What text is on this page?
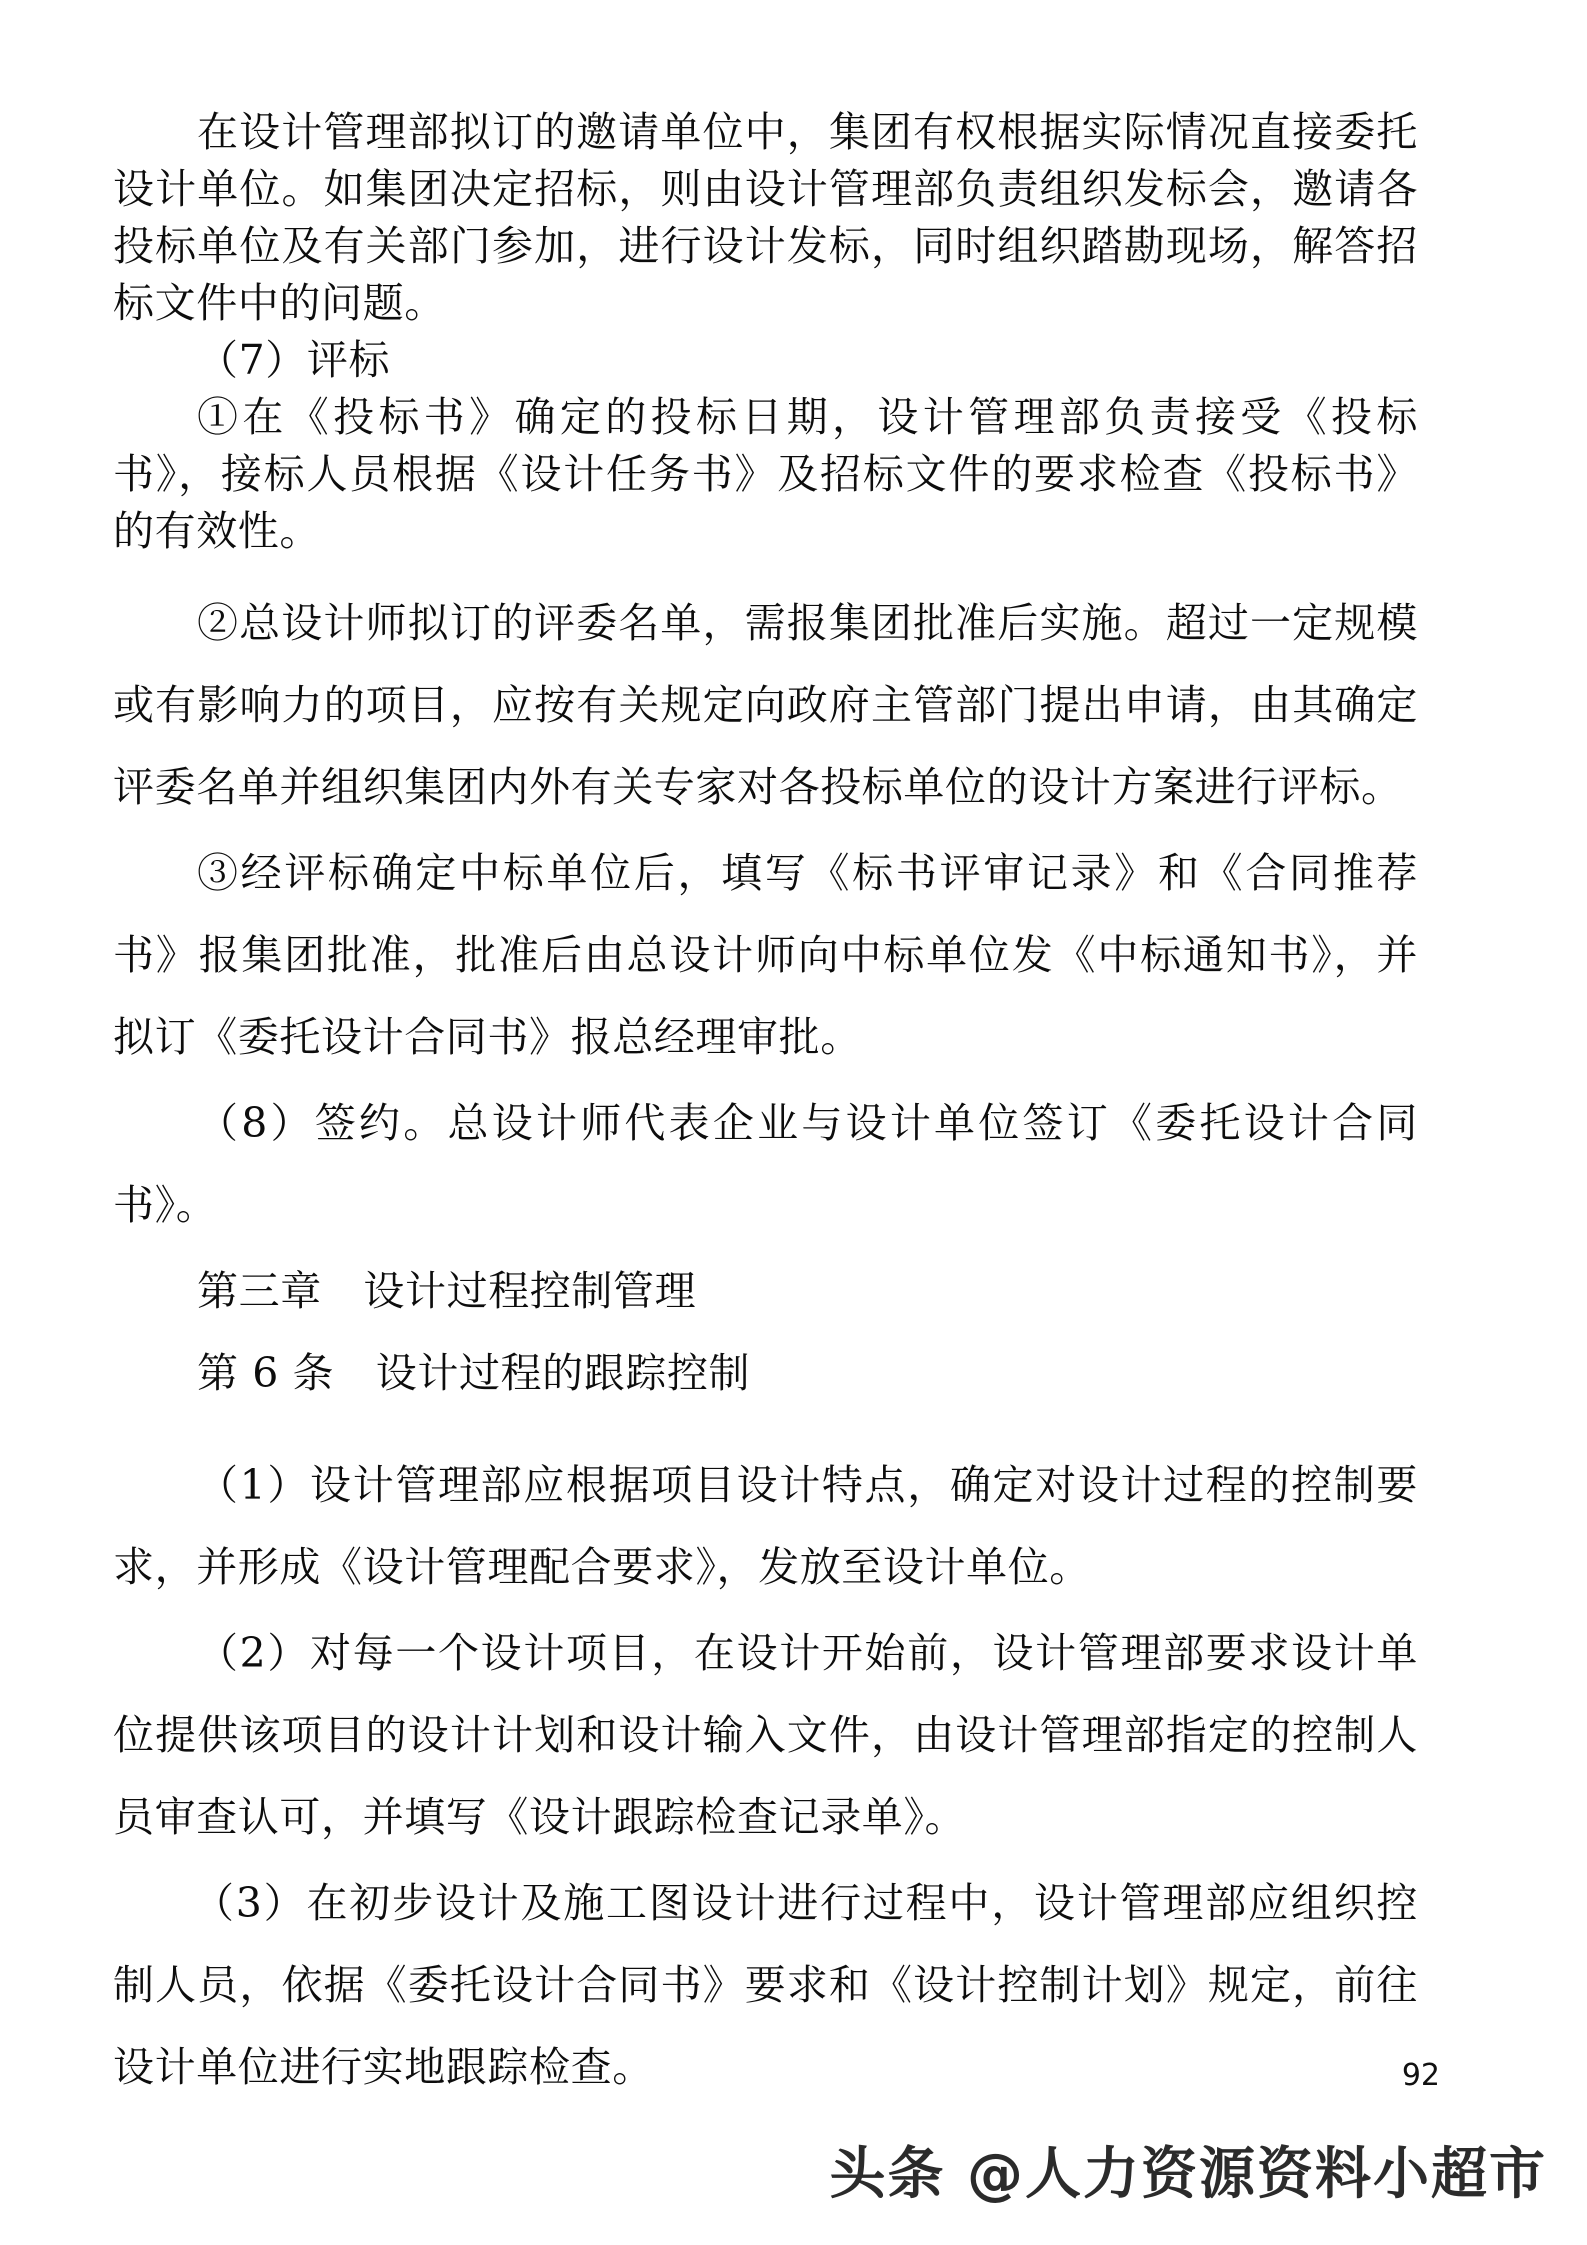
在设计管理部拟订的邀请单位中，集团有权根据实际情况直接委托设计单位。如集团决定招标，则由设计管理部负责组织发标会，邀请各投标单位及有关部门参加，进行设计发标，同时组织踏勘现场，解答招标文件中的问题。

（7）评标

①在《投标书》确定的投标日期，设计管理部负责接受《投标书》，接标人员根据《设计任务书》及招标文件的要求检查《投标书》的有效性。

②总设计师拟订的评委名单，需报集团批准后实施。超过一定规模或有影响力的项目，应按有关规定向政府主管部门提出申请，由其确定评委名单并组织集团内外有关专家对各投标单位的设计方案进行评标。

③经评标确定中标单位后，填写《标书评审记录》和《合同推荐书》报集团批准，批准后由总设计师向中标单位发《中标通知书》，并拟订《委托设计合同书》报总经理审批。

（8）签约。总设计师代表企业与设计单位签订《委托设计合同书》。

第三章　设计过程控制管理

第 6 条　设计过程的跟踪控制

（1）设计管理部应根据项目设计特点，确定对设计过程的控制要求，并形成《设计管理配合要求》，发放至设计单位。

（2）对每一个设计项目，在设计开始前，设计管理部要求设计单位提供该项目的设计计划和设计输入文件，由设计管理部指定的控制人员审查认可，并填写《设计跟踪检查记录单》。

（3）在初步设计及施工图设计进行过程中，设计管理部应组织控制人员，依据《委托设计合同书》要求和《设计控制计划》规定，前往设计单位进行实地跟踪检查。	92
头条 @人力资源资料小超市
